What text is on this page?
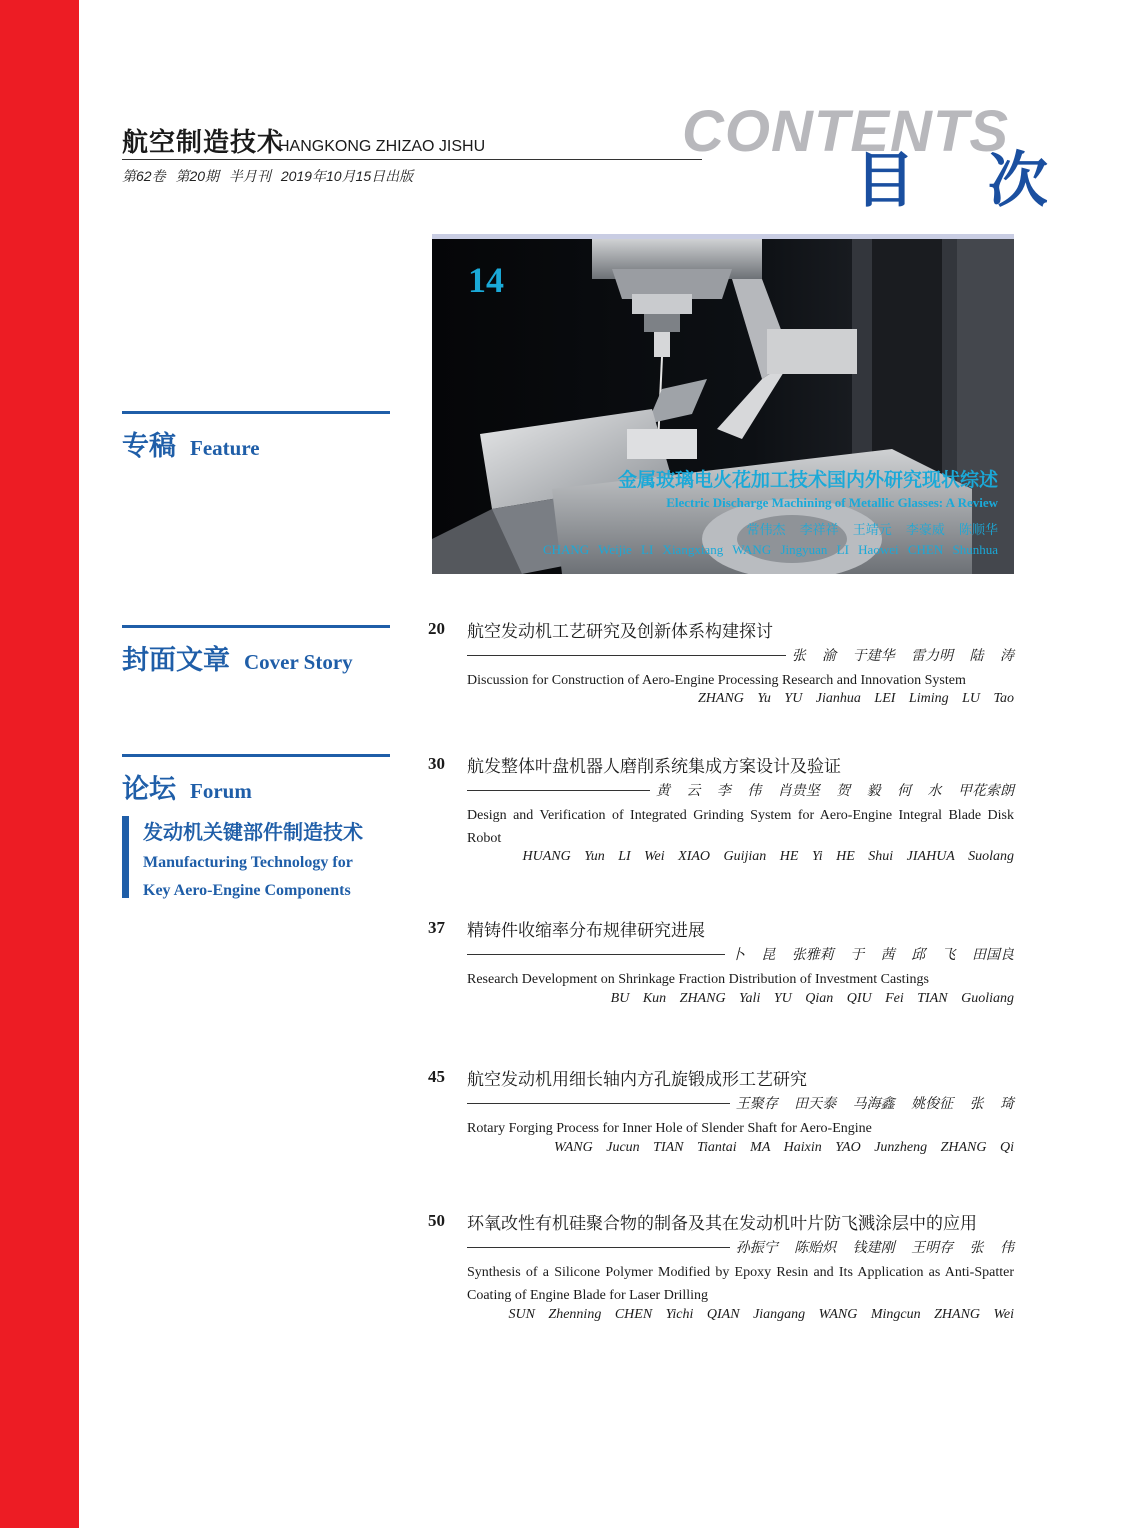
航空制造技术
HANGKONG ZHIZAO JISHU
第62卷 第20期 半月刊 2019年10月15日出版
CONTENTS
目 次
专稿 Feature
封面文章 Cover Story
论坛 Forum
发动机关键部件制造技术
Manufacturing Technology for
Key Aero-Engine Components
14
金属玻璃电火花加工技术国内外研究现状综述
Electric Discharge Machining of Metallic Glasses: A Review
常伟杰 李祥祥 王靖元 李豪威 陈顺华
CHANG Weijie LI Xiangxiang WANG Jingyuan LI Haowei CHEN Shunhua
20 航空发动机工艺研究及创新体系构建探讨
张 渝 于建华 雷力明 陆 涛
Discussion for Construction of Aero-Engine Processing Research and Innovation System
ZHANG Yu YU Jianhua LEI Liming LU Tao
30 航发整体叶盘机器人磨削系统集成方案设计及验证
黄 云 李 伟 肖贵坚 贺 毅 何 水 甲花索朗
Design and Verification of Integrated Grinding System for Aero-Engine Integral Blade Disk Robot
HUANG Yun LI Wei XIAO Guijian HE Yi HE Shui JIAHUA Suolang
37 精铸件收缩率分布规律研究进展
卜 昆 张雅莉 于 茜 邱 飞 田国良
Research Development on Shrinkage Fraction Distribution of Investment Castings
BU Kun ZHANG Yali YU Qian QIU Fei TIAN Guoliang
45 航空发动机用细长轴内方孔旋锻成形工艺研究
王聚存 田天泰 马海鑫 姚俊征 张 琦
Rotary Forging Process for Inner Hole of Slender Shaft for Aero-Engine
WANG Jucun TIAN Tiantai MA Haixin YAO Junzheng ZHANG Qi
50 环氧改性有机硅聚合物的制备及其在发动机叶片防飞溅涂层中的应用
孙振宁 陈贻炽 钱建刚 王明存 张 伟
Synthesis of a Silicone Polymer Modified by Epoxy Resin and Its Application as Anti-Spatter Coating of Engine Blade for Laser Drilling
SUN Zhenning CHEN Yichi QIAN Jiangang WANG Mingcun ZHANG Wei
